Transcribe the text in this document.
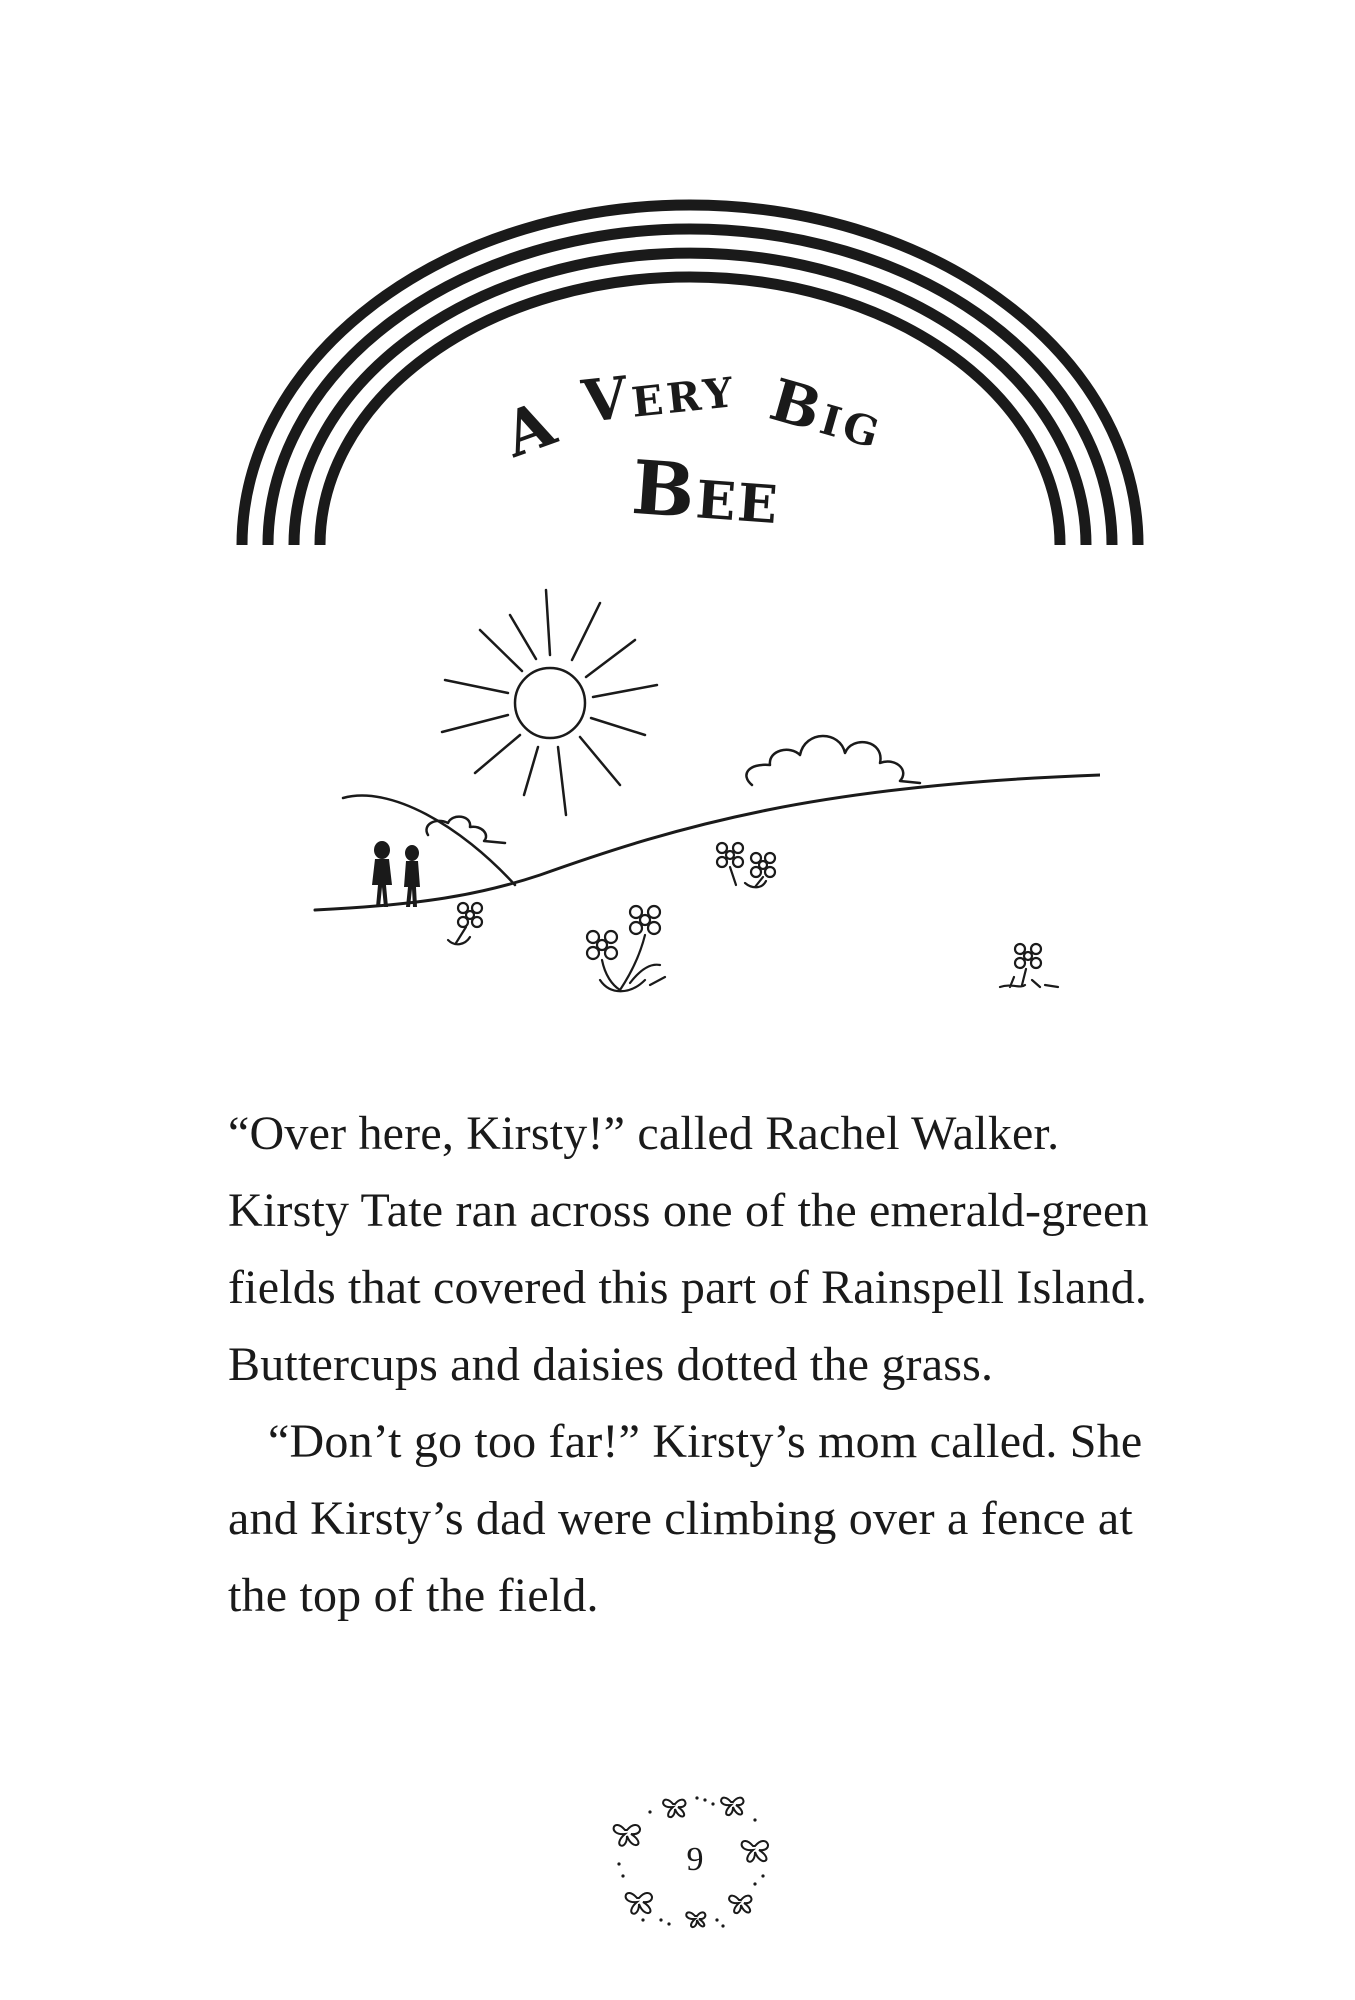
A Very Big
Bee

“Over here, Kirsty!” called Rachel Walker. Kirsty Tate ran across one of the emerald-green fields that covered this part of Rainspell Island. Buttercups and daisies dotted the grass.

“Don’t go too far!” Kirsty’s mom called. She and Kirsty’s dad were climbing over a fence at the top of the field.

9
